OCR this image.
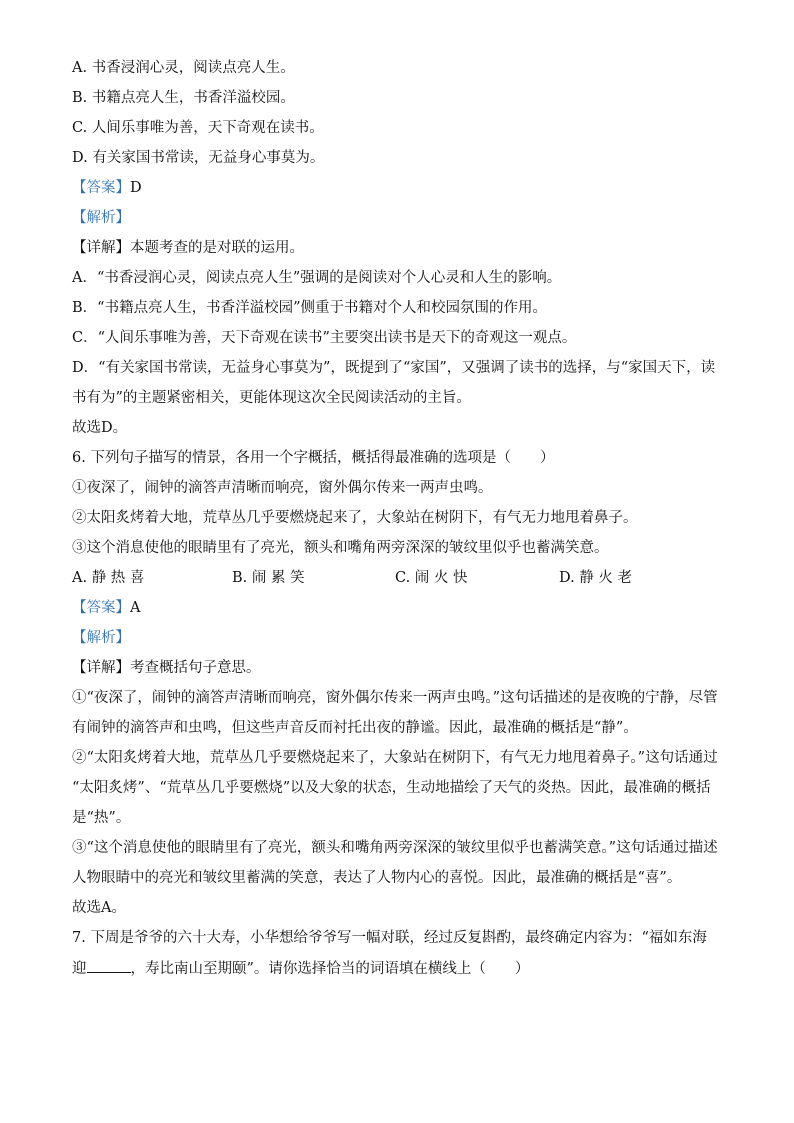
A. 书香浸润心灵，阅读点亮人生。

B. 书籍点亮人生，书香洋溢校园。

C. 人间乐事唯为善，天下奇观在读书。

D. 有关家国书常读，无益身心事莫为。

【答案】D

【解析】

【详解】本题考查的是对联的运用。

A．“书香浸润心灵，阅读点亮人生”强调的是阅读对个人心灵和人生的影响。

B．“书籍点亮人生，书香洋溢校园”侧重于书籍对个人和校园氛围的作用。

C．“人间乐事唯为善，天下奇观在读书”主要突出读书是天下的奇观这一观点。

D．“有关家国书常读，无益身心事莫为”，既提到了“家国”，又强调了读书的选择，与“家国天下，读

书有为”的主题紧密相关，更能体现这次全民阅读活动的主旨。

故选D。

6. 下列句子描写的情景，各用一个字概括，概括得最准确的选项是（　　）

①夜深了，闹钟的滴答声清晰而响亮，窗外偶尔传来一两声虫鸣。

②太阳炙烤着大地，荒草丛几乎要燃烧起来了，大象站在树阴下，有气无力地甩着鼻子。

③这个消息使他的眼睛里有了亮光，额头和嘴角两旁深深的皱纹里似乎也蓄满笑意。

A. 静 热 喜	B. 闹 累 笑	C. 闹 火 快	D. 静 火 老

【答案】A

【解析】

【详解】考查概括句子意思。

①“夜深了，闹钟的滴答声清晰而响亮，窗外偶尔传来一两声虫鸣。”这句话描述的是夜晚的宁静，尽管

有闹钟的滴答声和虫鸣，但这些声音反而衬托出夜的静谧。因此，最准确的概括是“静”。

②“太阳炙烤着大地，荒草丛几乎要燃烧起来了，大象站在树阴下，有气无力地甩着鼻子。”这句话通过

“太阳炙烤”、“荒草丛几乎要燃烧”以及大象的状态，生动地描绘了天气的炎热。因此，最准确的概括

是“热”。

③“这个消息使他的眼睛里有了亮光，额头和嘴角两旁深深的皱纹里似乎也蓄满笑意。”这句话通过描述

人物眼睛中的亮光和皱纹里蓄满的笑意，表达了人物内心的喜悦。因此，最准确的概括是“喜”。

故选A。

7. 下周是爷爷的六十大寿，小华想给爷爷写一幅对联，经过反复斟酌，最终确定内容为：“福如东海

迎	，寿比南山至期颐”。请你选择恰当的词语填在横线上（　　）
